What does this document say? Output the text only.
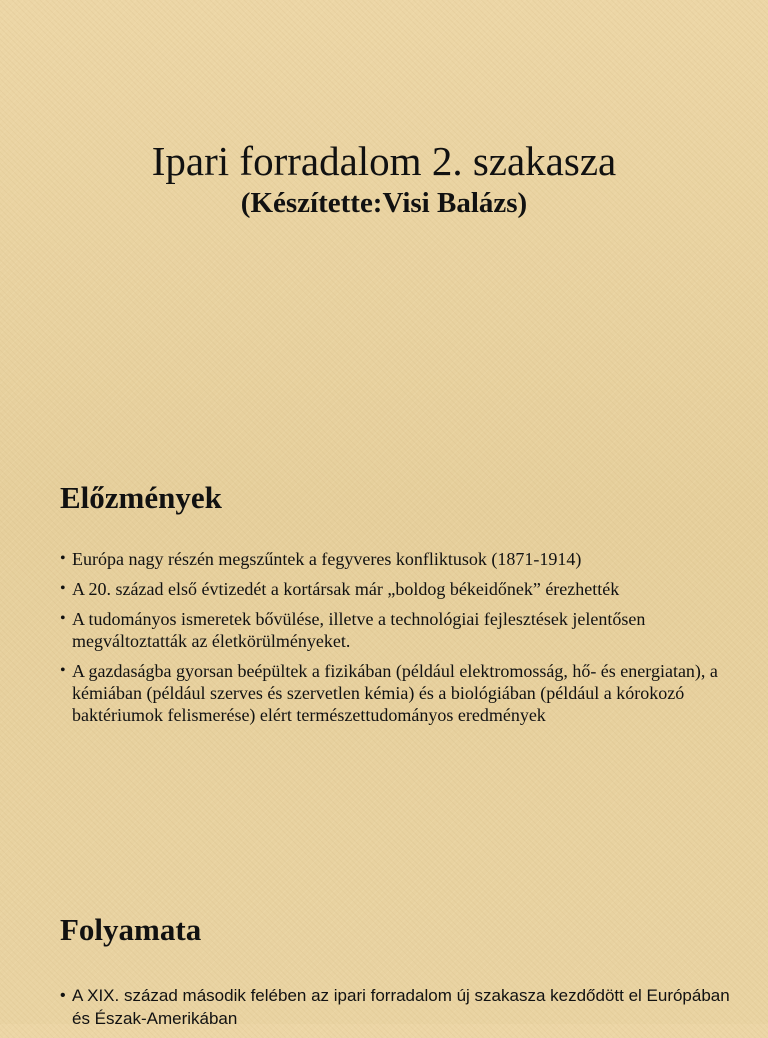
Ipari forradalom 2. szakasza
(Készítette:Visi Balázs)
Előzmények
• Európa nagy részén megszűntek a fegyveres konfliktusok (1871-1914)
• A 20. század első évtizedét a kortársak már „boldog békeidőnek” érezhették
• A tudományos ismeretek bővülése, illetve a technológiai fejlesztések jelentősen megváltoztatták az életkörülményeket.
• A gazdaságba gyorsan beépültek a fizikában (például elektromosság, hő- és energiatan), a kémiában (például szerves és szervetlen kémia) és a biológiában (például a kórokozó baktériumok felismerése) elért természettudományos eredmények
Folyamata
• A XIX. század második felében az ipari forradalom új szakasza kezdődött el Európában és Észak-Amerikában
